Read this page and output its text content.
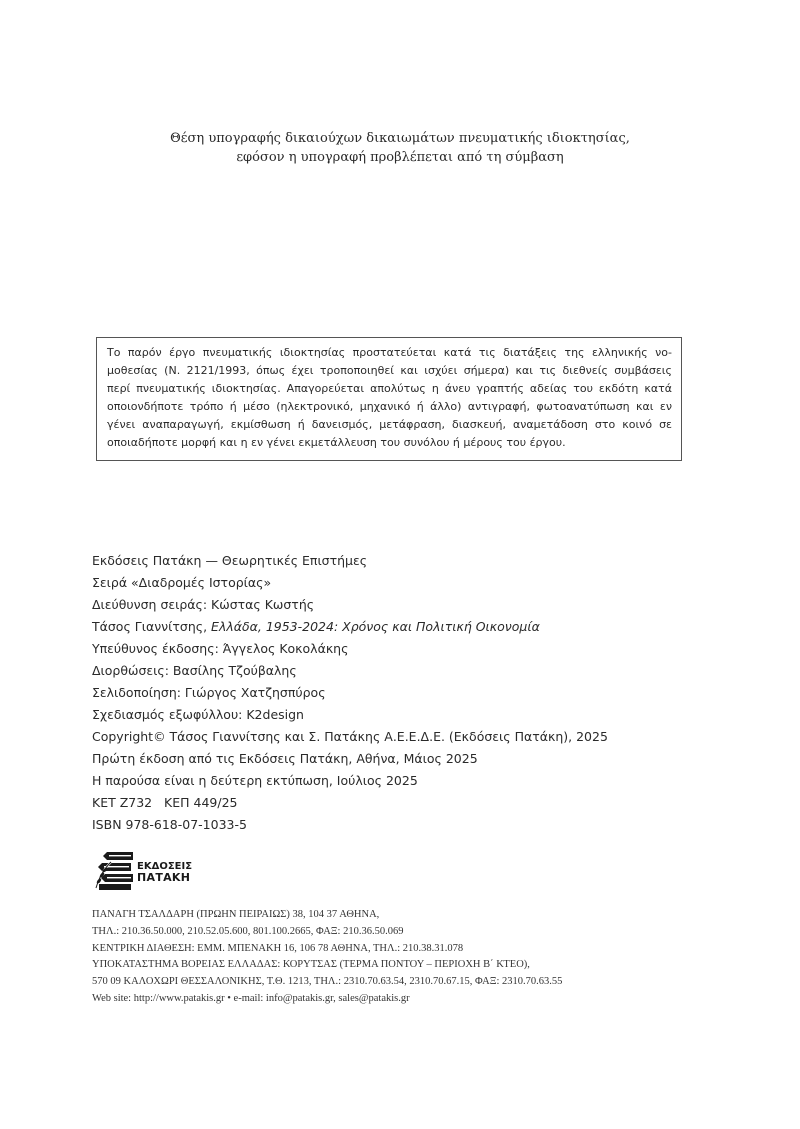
Θέση υπογραφής δικαιούχων δικαιωμάτων πνευματικής ιδιοκτησίας,
εφόσον η υπογραφή προβλέπεται από τη σύμβαση
Το παρόν έργο πνευματικής ιδιοκτησίας προστατεύεται κατά τις διατάξεις της ελληνικής νο-
μοθεσίας (Ν. 2121/1993, όπως έχει τροποποιηθεί και ισχύει σήμερα) και τις διεθνείς συμβάσεις
περί πνευματικής ιδιοκτησίας. Απαγορεύεται απολύτως η άνευ γραπτής αδείας του εκδότη κατά
οποιονδήποτε τρόπο ή μέσο (ηλεκτρονικό, μηχανικό ή άλλο) αντιγραφή, φωτοανατύπωση και εν
γένει αναπαραγωγή, εκμίσθωση ή δανεισμός, μετάφραση, διασκευή, αναμετάδοση στο κοινό σε
οποιαδήποτε μορφή και η εν γένει εκμετάλλευση του συνόλου ή μέρους του έργου.
Εκδόσεις Πατάκη — Θεωρητικές Επιστήμες
Σειρά «Διαδρομές Ιστορίας»
Διεύθυνση σειράς: Κώστας Κωστής
Τάσος Γιαννίτσης, Ελλάδα, 1953-2024: Χρόνος και Πολιτική Οικονομία
Υπεύθυνος έκδοσης: Άγγελος Κοκολάκης
Διορθώσεις: Βασίλης Τζούβαλης
Σελιδοποίηση: Γιώργος Χατζησπύρος
Σχεδιασμός εξωφύλλου: K2design
Copyright© Τάσος Γιαννίτσης και Σ. Πατάκης Α.Ε.Ε.Δ.Ε. (Εκδόσεις Πατάκη), 2025
Πρώτη έκδοση από τις Εκδόσεις Πατάκη, Αθήνα, Μάιος 2025
Η παρούσα είναι η δεύτερη εκτύπωση, Ιούλιος 2025
ΚΕΤ Ζ732   ΚΕΠ 449/25
ISBN 978-618-07-1033-5
ΕΚΔΟΣΕΙΣ
ΠΑΤΑΚΗ
ΠΑΝΑΓΗ ΤΣΑΛΔΑΡΗ (ΠΡΩΗΝ ΠΕΙΡΑΙΩΣ) 38, 104 37 ΑΘΗΝΑ,
ΤΗΛ.: 210.36.50.000, 210.52.05.600, 801.100.2665, ΦΑΞ: 210.36.50.069
ΚΕΝΤΡΙΚΗ ΔΙΑΘΕΣΗ: ΕΜΜ. ΜΠΕΝΑΚΗ 16, 106 78 ΑΘΗΝΑ, ΤΗΛ.: 210.38.31.078
ΥΠΟΚΑΤΑΣΤΗΜΑ ΒΟΡΕΙΑΣ ΕΛΛΑΔΑΣ: ΚΟΡΥΤΣΑΣ (ΤΕΡΜΑ ΠΟΝΤΟΥ – ΠΕΡΙΟΧΗ Β΄ ΚΤΕΟ),
570 09 ΚΑΛΟΧΩΡΙ ΘΕΣΣΑΛΟΝΙΚΗΣ, Τ.Θ. 1213, ΤΗΛ.: 2310.70.63.54, 2310.70.67.15, ΦΑΞ: 2310.70.63.55
Web site: http://www.patakis.gr • e-mail: info@patakis.gr, sales@patakis.gr
